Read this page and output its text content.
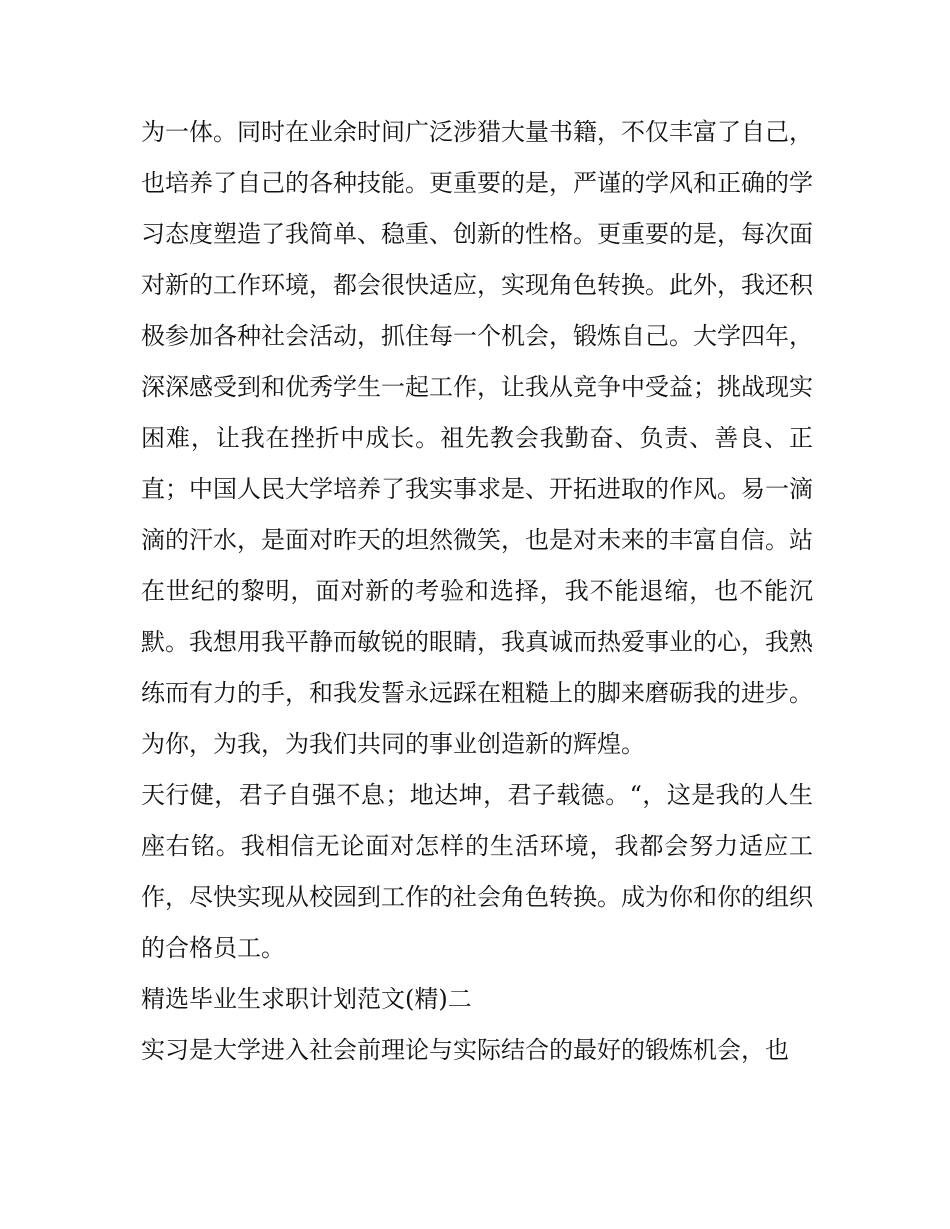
为一体。同时在业余时间广泛涉猎大量书籍，不仅丰富了自己，也培养了自己的各种技能。更重要的是，严谨的学风和正确的学习态度塑造了我简单、稳重、创新的性格。更重要的是，每次面对新的工作环境，都会很快适应，实现角色转换。此外，我还积极参加各种社会活动，抓住每一个机会，锻炼自己。大学四年，深深感受到和优秀学生一起工作，让我从竞争中受益；挑战现实困难，让我在挫折中成长。祖先教会我勤奋、负责、善良、正直；中国人民大学培养了我实事求是、开拓进取的作风。易一滴滴的汗水，是面对昨天的坦然微笑，也是对未来的丰富自信。站在世纪的黎明，面对新的考验和选择，我不能退缩，也不能沉默。我想用我平静而敏锐的眼睛，我真诚而热爱事业的心，我熟练而有力的手，和我发誓永远踩在粗糙上的脚来磨砺我的进步。为你，为我，为我们共同的事业创造新的辉煌。

天行健，君子自强不息；地达坤，君子载德。“，这是我的人生座右铭。我相信无论面对怎样的生活环境，我都会努力适应工作，尽快实现从校园到工作的社会角色转换。成为你和你的组织的合格员工。

精选毕业生求职计划范文(精)二

实习是大学进入社会前理论与实际结合的最好的锻炼机会，也
